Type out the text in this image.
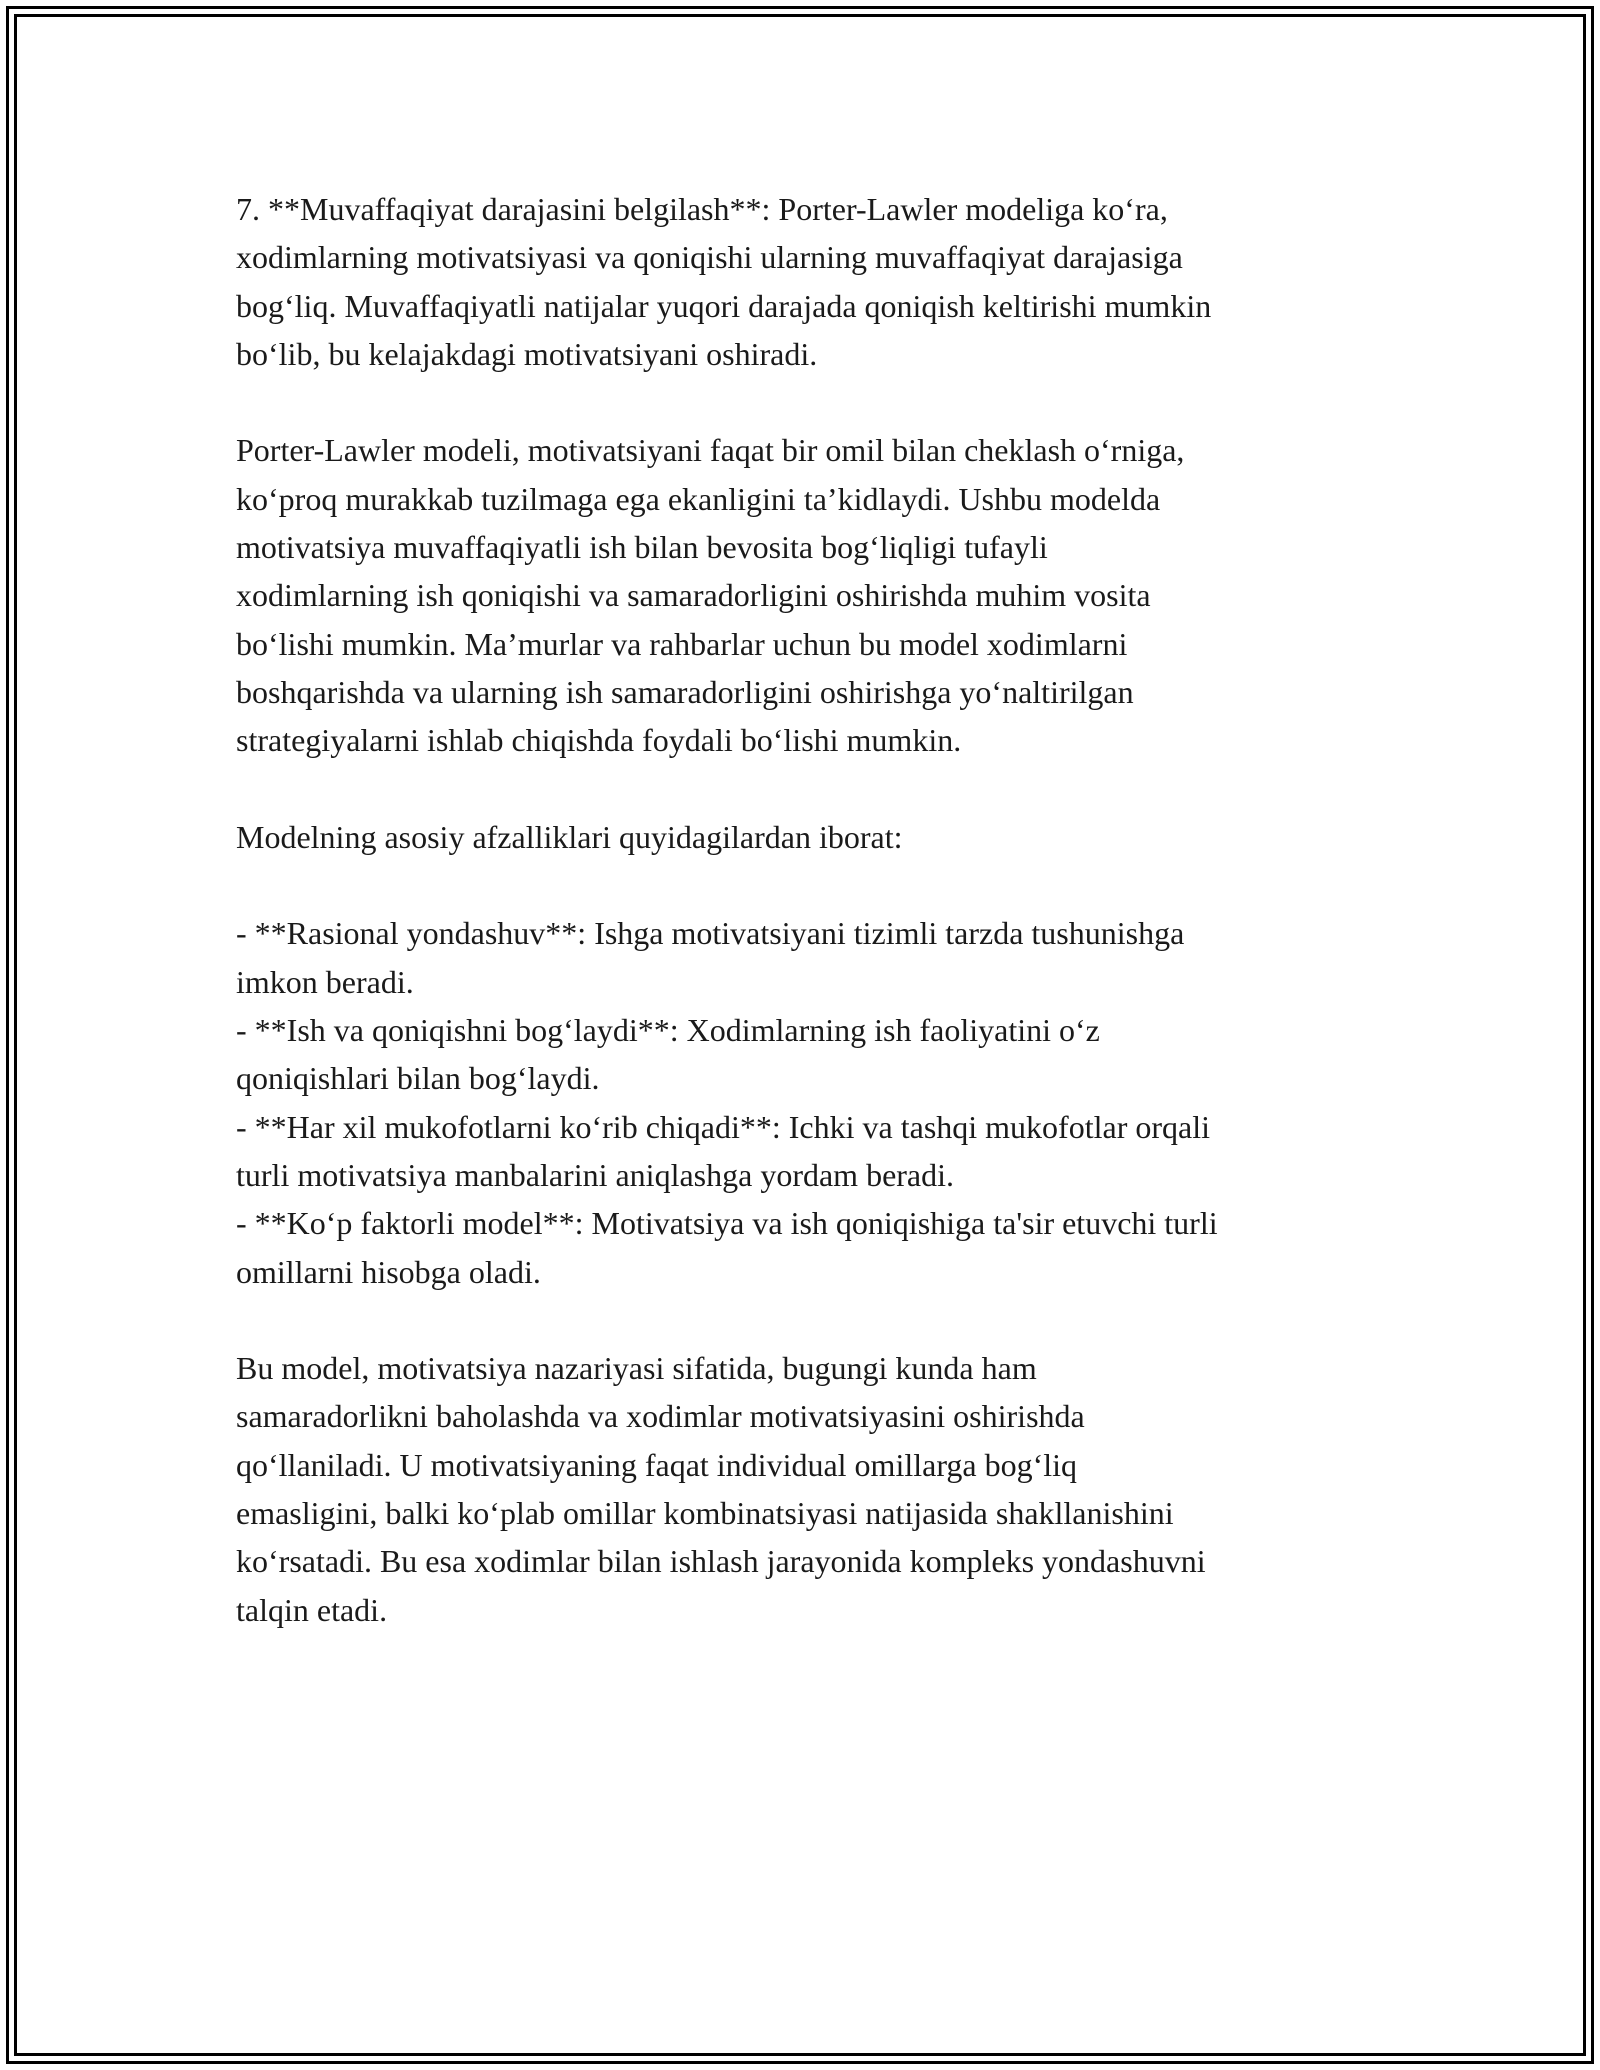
7. **Muvaffaqiyat darajasini belgilash**: Porter-Lawler modeliga koʻra,
xodimlarning motivatsiyasi va qoniqishi ularning muvaffaqiyat darajasiga
bogʻliq. Muvaffaqiyatli natijalar yuqori darajada qoniqish keltirishi mumkin
boʻlib, bu kelajakdagi motivatsiyani oshiradi.

Porter-Lawler modeli, motivatsiyani faqat bir omil bilan cheklash oʻrniga,
koʻproq murakkab tuzilmaga ega ekanligini ta’kidlaydi. Ushbu modelda
motivatsiya muvaffaqiyatli ish bilan bevosita bogʻliqligi tufayli
xodimlarning ish qoniqishi va samaradorligini oshirishda muhim vosita
boʻlishi mumkin. Ma’murlar va rahbarlar uchun bu model xodimlarni
boshqarishda va ularning ish samaradorligini oshirishga yoʻnaltirilgan
strategiyalarni ishlab chiqishda foydali boʻlishi mumkin.

Modelning asosiy afzalliklari quyidagilardan iborat:

- **Rasional yondashuv**: Ishga motivatsiyani tizimli tarzda tushunishga
imkon beradi.
- **Ish va qoniqishni bogʻlaydi**: Xodimlarning ish faoliyatini oʻz
qoniqishlari bilan bogʻlaydi.
- **Har xil mukofotlarni koʻrib chiqadi**: Ichki va tashqi mukofotlar orqali
turli motivatsiya manbalarini aniqlashga yordam beradi.
- **Koʻp faktorli model**: Motivatsiya va ish qoniqishiga ta'sir etuvchi turli
omillarni hisobga oladi.

Bu model, motivatsiya nazariyasi sifatida, bugungi kunda ham
samaradorlikni baholashda va xodimlar motivatsiyasini oshirishda
qoʻllaniladi. U motivatsiyaning faqat individual omillarga bogʻliq
emasligini, balki koʻplab omillar kombinatsiyasi natijasida shakllanishini
koʻrsatadi. Bu esa xodimlar bilan ishlash jarayonida kompleks yondashuvni
talqin etadi.
